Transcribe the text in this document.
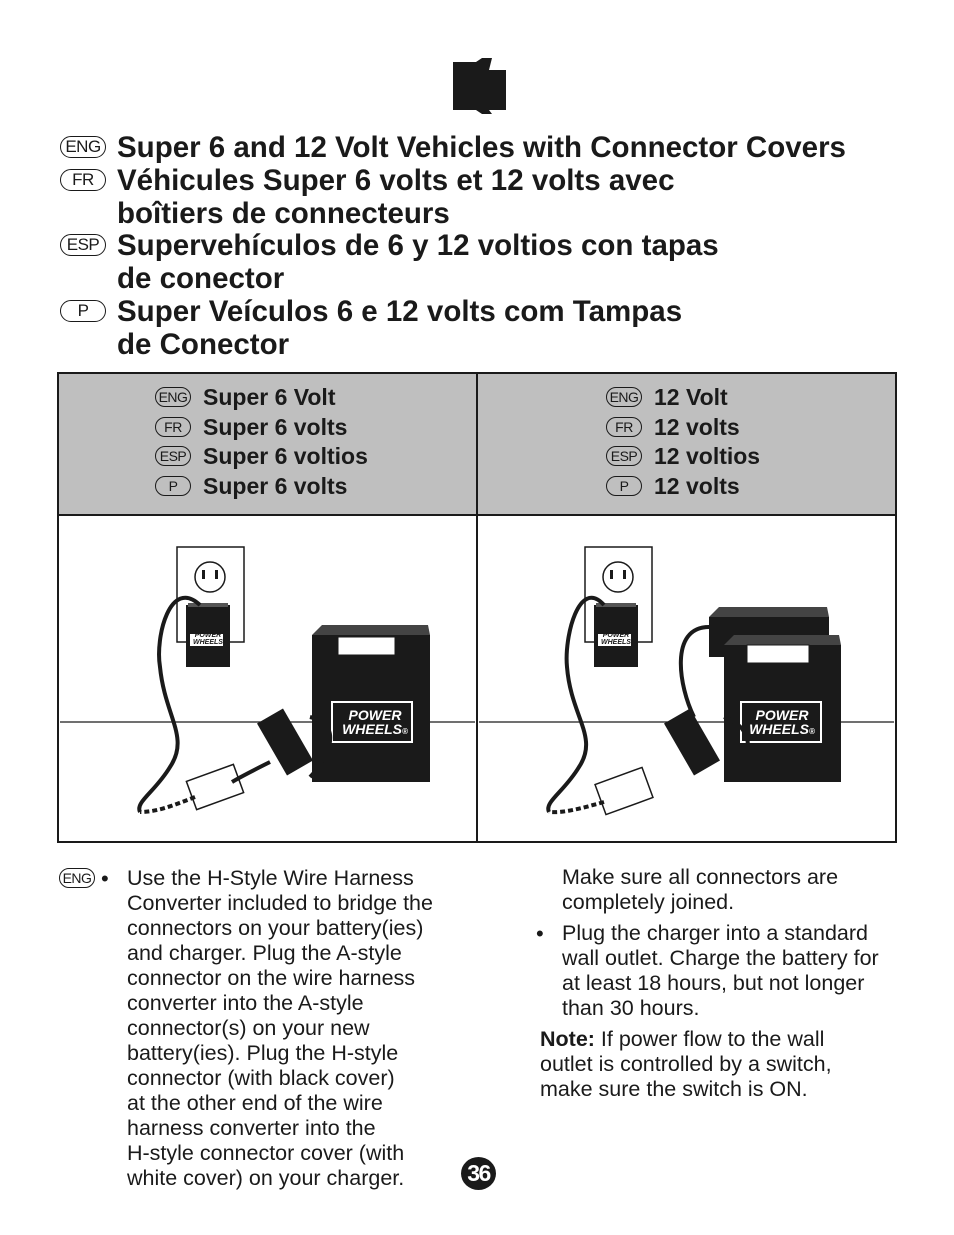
ENG Super 6 and 12 Volt Vehicles with Connector Covers
FR Véhicules Super 6 volts et 12 volts avec
boîtiers de connecteurs
ESP Supervehículos de 6 y 12 voltios con tapas
de conector
P Super Veículos 6 e 12 volts com Tampas
de Conector
ENG Super 6 Volt
FR Super 6 volts
ESP Super 6 voltios
P	Super 6 volts
ENG 12 Volt
FR 12 volts
ESP 12 voltios
P	12 volts
POWER
WHEELS®
POWER
WHEELS
POWER
WHEELS®
POWER
WHEELS
ENG • Use the H-Style Wire Harness
Converter included to bridge the
connectors on your battery(ies)
and charger. Plug the A-style
connector on the wire harness
converter into the A-style
connector(s) on your new
battery(ies). Plug the H-style
connector (with black cover)
at the other end of the wire
harness converter into the
H-style connector cover (with
white cover) on your charger.
Make sure all connectors are
completely joined.
• Plug the charger into a standard
wall outlet. Charge the battery for
at least 18 hours, but not longer
than 30 hours.
Note: If power flow to the wall
outlet is controlled by a switch,
make sure the switch is ON.
36
